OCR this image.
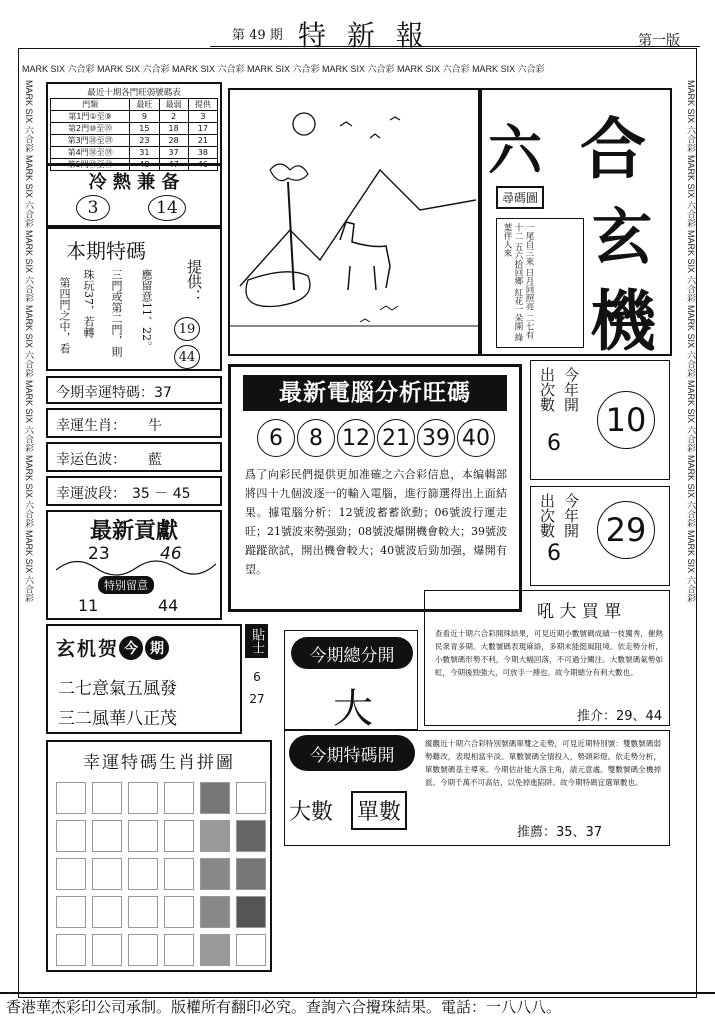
第 49 期 特 新 報	第一版
MARK SIX 六合彩 MARK SIX 六合彩 MARK SIX 六合彩 MARK SIX 六合彩 MARK SIX 六合彩 MARK SIX 六合彩 MARK SIX 六合彩
MARK SIX 六合彩 MARK SIX 六合彩 MARK SIX 六合彩 MARK SIX 六合彩 MARK SIX 六合彩 MARK SIX 六合彩 MARK SIX 六合彩	MARK SIX 六合彩 MARK SIX 六合彩 MARK SIX 六合彩 MARK SIX 六合彩 MARK SIX 六合彩 MARK SIX 六合彩 MARK SIX 六合彩
最近十期各門旺弱號碼表
門類	最旺	最弱	提供
第1門①至⑨	9	2	3
第2門⑩至⑲	15	18	17
第3門⑳至㉙	23	28	21
第4門㉚至㊴	31	37	38
第5門㊵至㊾	48	47	46
冷 熱 兼 备
3	14
本期特碼
第四門之中，看 珠玩37，若轉 三門或第二門，則 應留意11、22。 提供：
19
44
今期幸運特碼：37
幸運生肖： 牛
幸运色波： 藍
幸運波段： 35 － 45
最新貢獻
23	46
特别留意
11	44
六 合
玄
機
尋碼圖
一尾自三來 日月同照亮 二七有十二 五六拾回鄉 紅花一朵開 綠葉伴人來
最新電腦分析旺碼
6	8 12 21 39 40
爲了向彩民們提供更加准確之六合彩信息，本编輯部將四十九個波逐一的輸入電腦，進行篩選得出上面結果。據電腦分析：12號波蓄蓄欲動；06號波行運走旺；21號波來勢强勁；08號波爆開機會較大；39號波蹤蹤欲試，開出機會較大；40號波后勁加强，爆開有望。
出次數 今年開
6
10
出次數 今年開
6
29
吼 大 買 單
查看近十期六合彩開珠結果，可見近期小數號碼成績一枝獨秀，催熱民衆青多期。大數號碼表現麻絡，多期未能挺風阻境。依走勢分析，小數號碼形勢不利，今期大幅回落，不可過分關注。大數號碼氣勢如虹，今期後勁強大，可放手一搏也。故今期總分有利大數也。
推介：29、44
玄 机 贺 今 期
二七意氣五風發
三二風華八正茂
貼士
6
27
今期總分開
大
今期特碼開
大數 單數
縱觀近十期六合彩特別號碼單雙之走勢，可見近期特別號：雙數號碼弱勢難改，表現相當平淡。單數號碼全情投入，勢頭彩燈。依走勢分析，單數號碼基主導來。今期估計能大落主角，請元意處。雙數號碼全機掉派。今期千萬不可高估，以免掉進陷阱。故今期特碼宜選單數也。
推薦：35、37
幸運特碼生肖拼圖
香港華杰彩印公司承制。版權所有翻印必究。查詢六合攪珠結果。電話：一八八八。
